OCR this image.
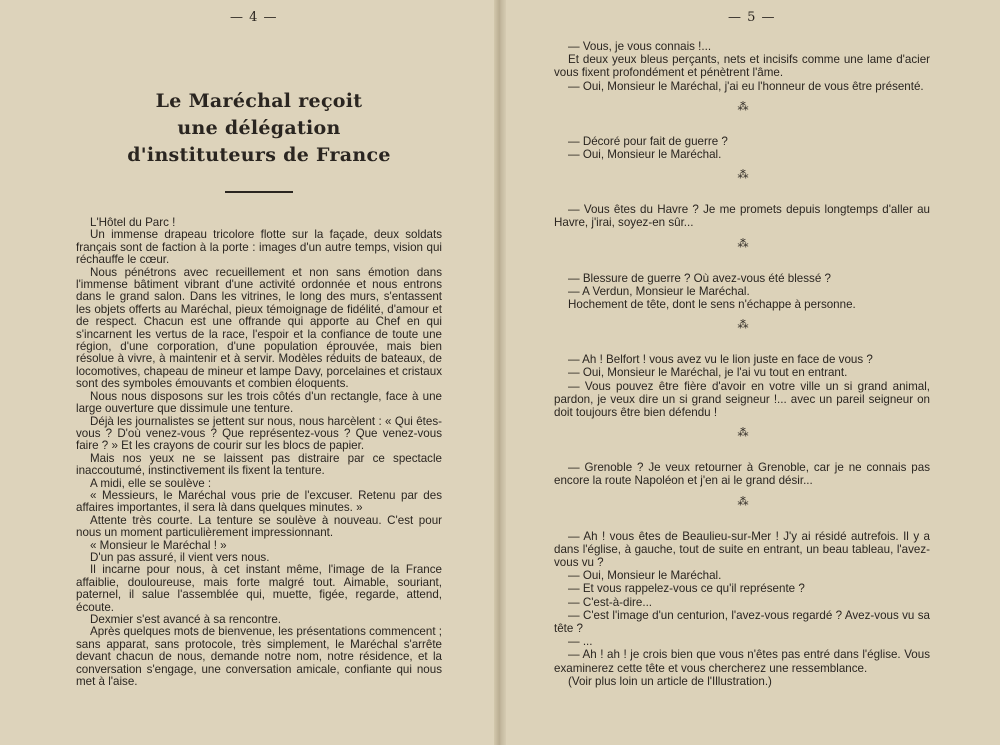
— 4 —
Le Maréchal reçoit
une délégation
d'instituteurs de France

L'Hôtel du Parc !

Un immense drapeau tricolore flotte sur la façade, deux soldats français sont de faction à la porte : images d'un autre temps, vision qui réchauffe le cœur.

Nous pénétrons avec recueillement et non sans émotion dans l'immense bâtiment vibrant d'une activité ordonnée et nous entrons dans le grand salon. Dans les vitrines, le long des murs, s'entassent les objets offerts au Maréchal, pieux témoignage de fidélité, d'amour et de respect. Chacun est une offrande qui apporte au Chef en qui s'incarnent les vertus de la race, l'espoir et la confiance de toute une région, d'une corporation, d'une population éprouvée, mais bien résolue à vivre, à maintenir et à servir. Modèles réduits de bateaux, de locomotives, chapeau de mineur et lampe Davy, porcelaines et cristaux sont des symboles émouvants et combien éloquents.

Nous nous disposons sur les trois côtés d'un rectangle, face à une large ouverture que dissimule une tenture.

Déjà les journalistes se jettent sur nous, nous harcèlent : « Qui êtes-vous ? D'où venez-vous ? Que représentez-vous ? Que venez-vous faire ? » Et les crayons de courir sur les blocs de papier.

Mais nos yeux ne se laissent pas distraire par ce spectacle inaccoutumé, instinctivement ils fixent la tenture.

A midi, elle se soulève :

« Messieurs, le Maréchal vous prie de l'excuser. Retenu par des affaires importantes, il sera là dans quelques minutes. »

Attente très courte. La tenture se soulève à nouveau. C'est pour nous un moment particulièrement impressionnant.

« Monsieur le Maréchal ! »

D'un pas assuré, il vient vers nous.

Il incarne pour nous, à cet instant même, l'image de la France affaiblie, douloureuse, mais forte malgré tout. Aimable, souriant, paternel, il salue l'assemblée qui, muette, figée, regarde, attend, écoute.

Dexmier s'est avancé à sa rencontre.

Après quelques mots de bienvenue, les présentations commencent ; sans apparat, sans protocole, très simplement, le Maréchal s'arrête devant chacun de nous, demande notre nom, notre résidence, et la conversation s'engage, une conversation amicale, confiante qui nous met à l'aise.

— 5 —

— Vous, je vous connais !...

Et deux yeux bleus perçants, nets et incisifs comme une lame d'acier vous fixent profondément et pénètrent l'âme.

— Oui, Monsieur le Maréchal, j'ai eu l'honneur de vous être présenté.

⁂

— Décoré pour fait de guerre ?

— Oui, Monsieur le Maréchal.

⁂

— Vous êtes du Havre ? Je me promets depuis longtemps d'aller au Havre, j'irai, soyez-en sûr...

⁂

— Blessure de guerre ? Où avez-vous été blessé ?

— A Verdun, Monsieur le Maréchal.

Hochement de tête, dont le sens n'échappe à personne.

⁂

— Ah ! Belfort ! vous avez vu le lion juste en face de vous ?

— Oui, Monsieur le Maréchal, je l'ai vu tout en entrant.

— Vous pouvez être fière d'avoir en votre ville un si grand animal, pardon, je veux dire un si grand seigneur !... avec un pareil seigneur on doit toujours être bien défendu !

⁂

— Grenoble ? Je veux retourner à Grenoble, car je ne connais pas encore la route Napoléon et j'en ai le grand désir...

⁂

— Ah ! vous êtes de Beaulieu-sur-Mer ! J'y ai résidé autrefois. Il y a dans l'église, à gauche, tout de suite en entrant, un beau tableau, l'avez-vous vu ?

— Oui, Monsieur le Maréchal.

— Et vous rappelez-vous ce qu'il représente ?

— C'est-à-dire...

— C'est l'image d'un centurion, l'avez-vous regardé ? Avez-vous vu sa tête ?

— ...

— Ah ! ah ! je crois bien que vous n'êtes pas entré dans l'église. Vous examinerez cette tête et vous chercherez une ressemblance.

(Voir plus loin un article de l'Illustration.)
